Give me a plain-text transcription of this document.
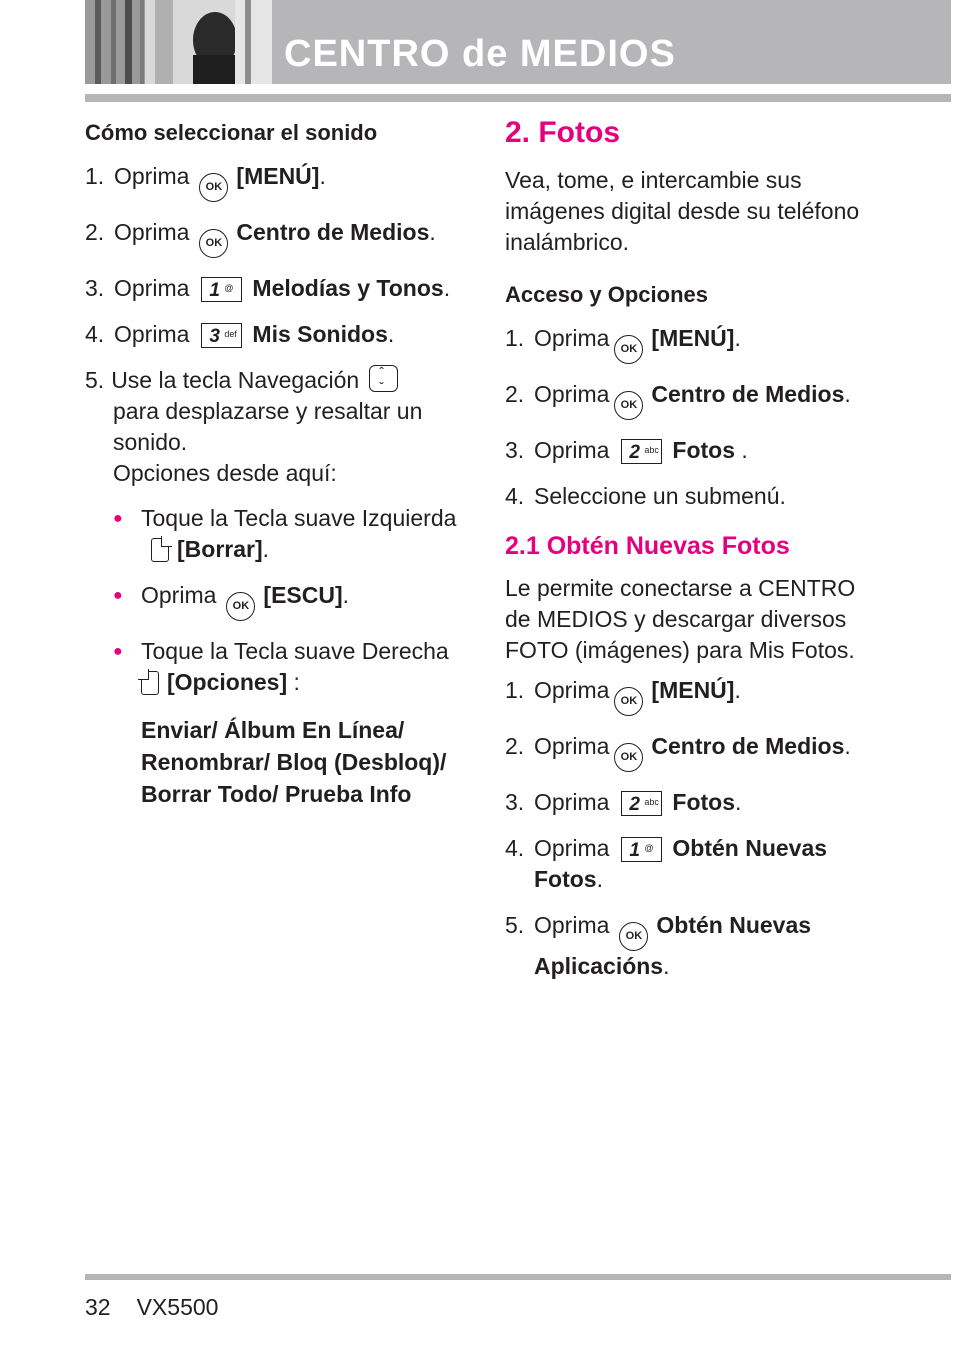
CENTRO de MEDIOS
Cómo seleccionar el sonido
1. Oprima OK [MENÚ].
2. Oprima OK Centro de Medios.
3. Oprima 1 @ Melodías y Tonos.
4. Oprima 3 def Mis Sonidos.
5. Use la tecla Navegaciónˆ ˇ
para desplazarse y resaltar un sonido.
Opciones desde aquí:
● Toque la Tecla suave Izquierda[Borrar].
● Oprima OK [ESCU].
● Toque la Tecla suave Derecha
[Opciones] :
Enviar/ Álbum En Línea/ Renombrar/ Bloq (Desbloq)/ Borrar Todo/ Prueba Info
2. Fotos

Vea, tome, e intercambie sus imágenes digital desde su teléfono inalámbrico.

Acceso y Opciones
1. Oprima OK [MENÚ].
2. Oprima OK Centro de Medios.
3. Oprima 2 abc Fotos .
4. Seleccione un submenú.
2.1 Obtén Nuevas Fotos

Le permite conectarse a CENTRO de MEDIOS y descargar diversos FOTO (imágenes) para Mis Fotos.

1. Oprima OK [MENÚ].
2. Oprima OK Centro de Medios.
3. Oprima 2 abc Fotos.
4. Oprima 1 @ Obtén Nuevas Fotos.
5. Oprima OK Obtén Nuevas Aplicacións.
32 VX5500
